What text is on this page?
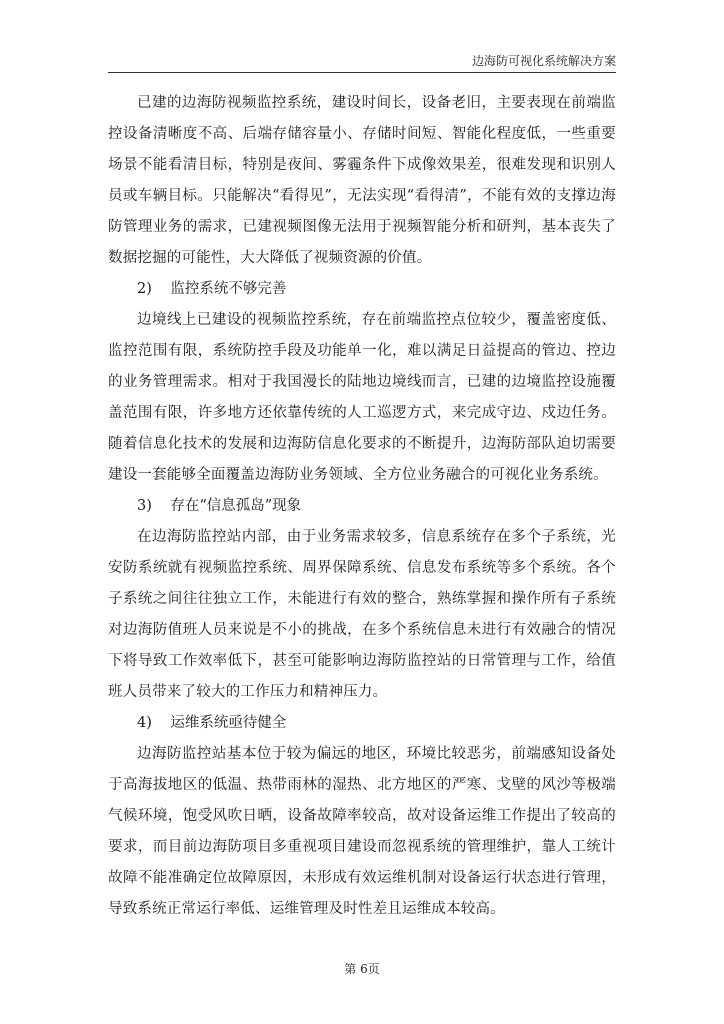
边海防可视化系统解决方案

已建的边海防视频监控系统，建设时间长，设备老旧，主要表现在前端监控设备清晰度不高、后端存储容量小、存储时间短、智能化程度低，一些重要场景不能看清目标，特别是夜间、雾霾条件下成像效果差，很难发现和识别人员或车辆目标。只能解决“看得见”，无法实现“看得清”，不能有效的支撑边海防管理业务的需求，已建视频图像无法用于视频智能分析和研判，基本丧失了数据挖掘的可能性，大大降低了视频资源的价值。

2) 监控系统不够完善

边境线上已建设的视频监控系统，存在前端监控点位较少，覆盖密度低、监控范围有限，系统防控手段及功能单一化，难以满足日益提高的管边、控边的业务管理需求。相对于我国漫长的陆地边境线而言，已建的边境监控设施覆盖范围有限，许多地方还依靠传统的人工巡逻方式，来完成守边、戍边任务。随着信息化技术的发展和边海防信息化要求的不断提升，边海防部队迫切需要建设一套能够全面覆盖边海防业务领域、全方位业务融合的可视化业务系统。

3) 存在“信息孤岛”现象

在边海防监控站内部，由于业务需求较多，信息系统存在多个子系统，光安防系统就有视频监控系统、周界保障系统、信息发布系统等多个系统。各个子系统之间往往独立工作，未能进行有效的整合，熟练掌握和操作所有子系统对边海防值班人员来说是不小的挑战，在多个系统信息未进行有效融合的情况下将导致工作效率低下，甚至可能影响边海防监控站的日常管理与工作，给值班人员带来了较大的工作压力和精神压力。

4) 运维系统亟待健全

边海防监控站基本位于较为偏远的地区，环境比较恶劣，前端感知设备处于高海拔地区的低温、热带雨林的湿热、北方地区的严寒、戈壁的风沙等极端气候环境，饱受风吹日晒，设备故障率较高，故对设备运维工作提出了较高的要求，而目前边海防项目多重视项目建设而忽视系统的管理维护，靠人工统计故障不能准确定位故障原因，未形成有效运维机制对设备运行状态进行管理，导致系统正常运行率低、运维管理及时性差且运维成本较高。

第 6页
